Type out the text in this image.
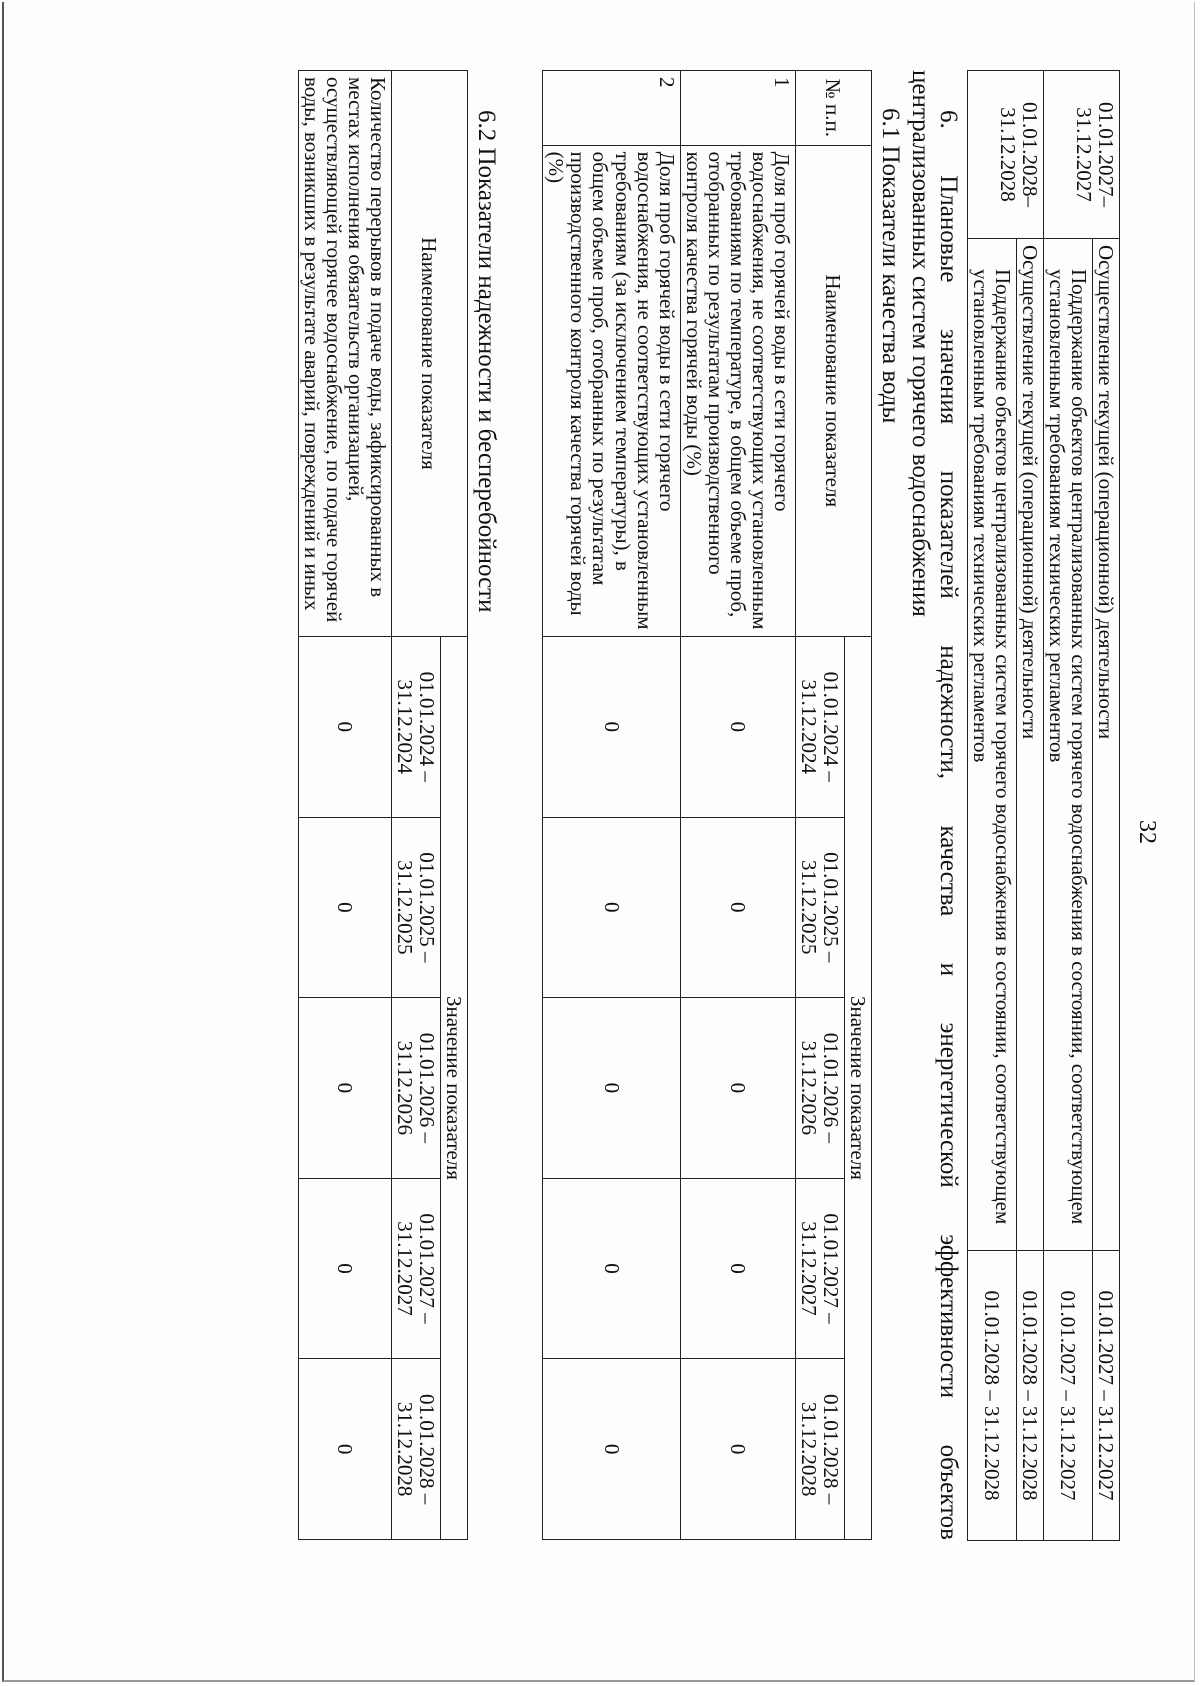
32
01.01.2027–31.12.2027	Осуществление текущей (операционной) деятельности	01.01.2027 – 31.12.2027
	Поддержание объектов централизованных систем горячего водоснабжения в состоянии, соответствующем установленным требованиям технических регламентов	01.01.2027 – 31.12.2027
01.01.2028–31.12.2028	Осуществление текущей (операционной) деятельности	01.01.2028 – 31.12.2028
	Поддержание объектов централизованных систем горячего водоснабжения в состоянии, соответствующем установленным требованиям технических регламентов	01.01.2028 – 31.12.2028
6.
Плановые
значения
показателей
надежности,
качества
и
энергетической
эффективности
объектов
централизованных систем горячего водоснабжения
6.1 Показатели качества воды
№ п.п.	Наименование показателя	Значение показателя				
		01.01.2024 – 31.12.2024	01.01.2025 – 31.12.2025	01.01.2026 – 31.12.2026	01.01.2027 – 31.12.2027	01.01.2028 – 31.12.2028
1	Доля проб горячей воды в сети горячего водоснабжения, не соответствующих установленным требованиям по температуре, в общем объеме проб, отобранных по результатам производственного контроля качества горячей воды (%)	0	0	0	0	0
2	Доля проб горячей воды в сети горячего водоснабжения, не соответствующих установленным требованиям (за исключением температуры), в общем объеме проб, отобранных по результатам производственного контроля качества горячей воды (%)	0	0	0	0	0
6.2 Показатели надежности и бесперебойности
Наименование показателя	Значение показателя				
	01.01.2024 – 31.12.2024	01.01.2025 – 31.12.2025	01.01.2026 – 31.12.2026	01.01.2027 – 31.12.2027	01.01.2028 – 31.12.2028
Количество перерывов в подаче воды, зафиксированных в местах исполнения обязательств организацией, осуществляющей горячее водоснабжение, по подаче горячей воды, возникших в результате аварий, повреждений и иных	0	0	0	0	0
